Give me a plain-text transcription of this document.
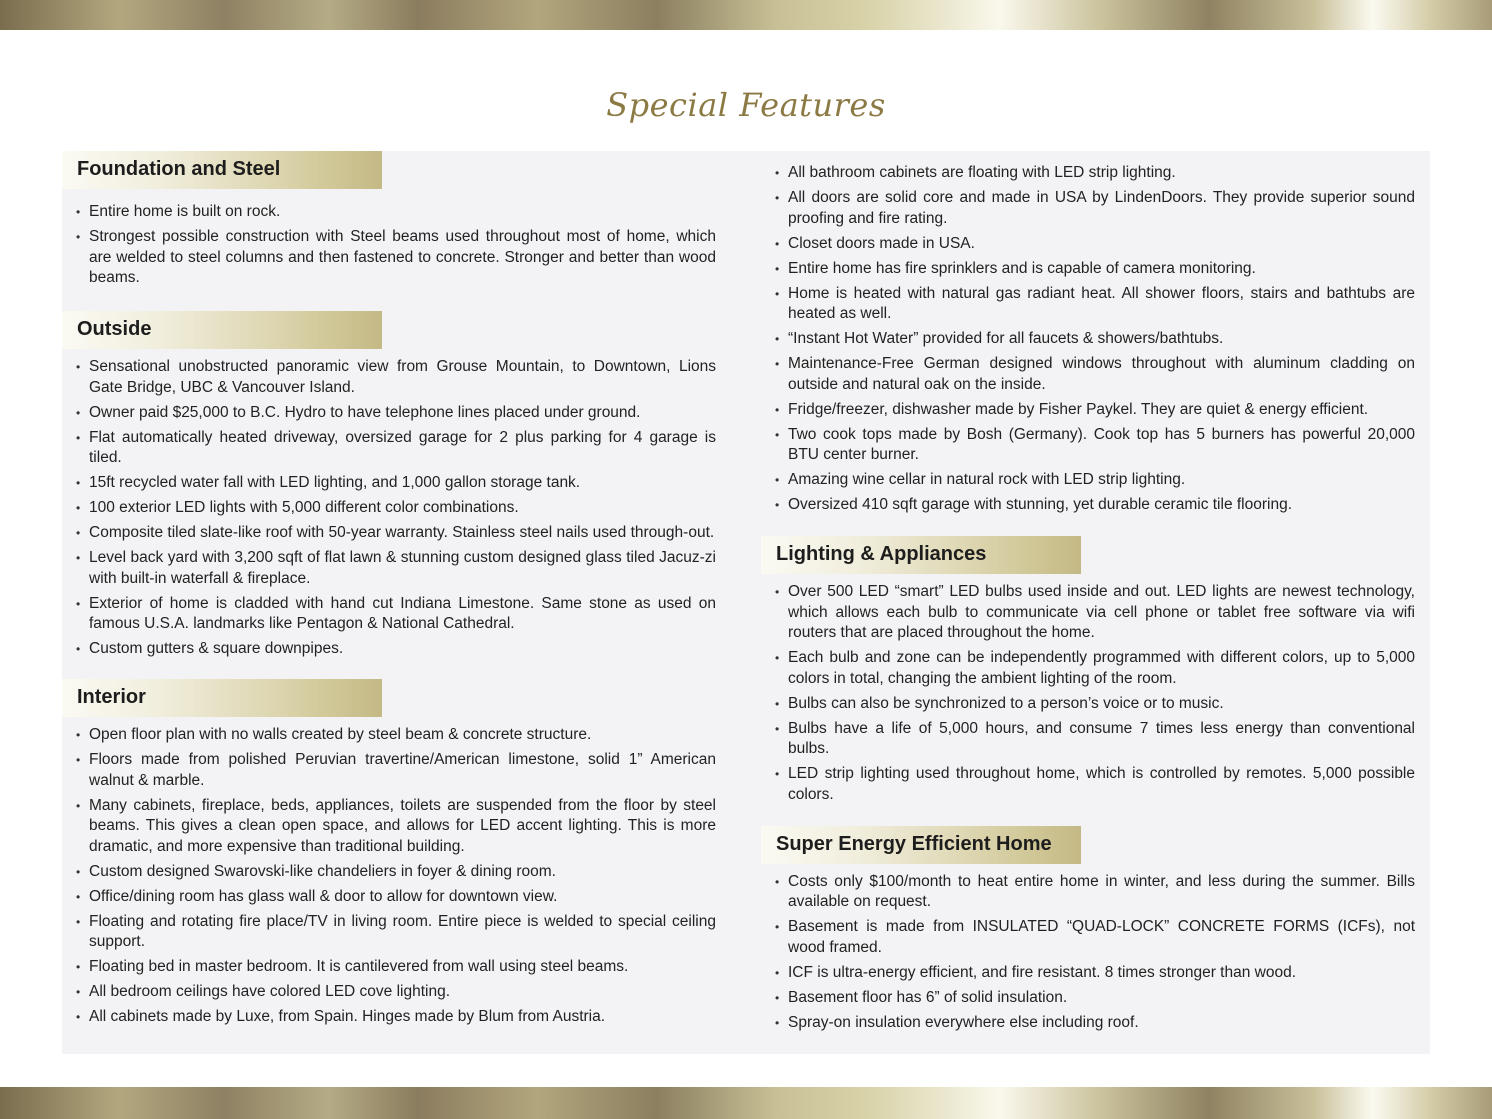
Special Features
Foundation and Steel
• Entire home is built on rock.
• Strongest possible construction with Steel beams used throughout most of home, which are welded to steel columns and then fastened to concrete. Stronger and better than wood beams.
Outside
• Sensational unobstructed panoramic view from Grouse Mountain, to Downtown, Lions Gate Bridge, UBC & Vancouver Island.
• Owner paid $25,000 to B.C. Hydro to have telephone lines placed under ground.
• Flat automatically heated driveway, oversized garage for 2 plus parking for 4 garage is tiled.
• 15ft recycled water fall with LED lighting, and 1,000 gallon storage tank.
• 100 exterior LED lights with 5,000 different color combinations.
• Composite tiled slate-like roof with 50-year warranty. Stainless steel nails used through-out.
• Level back yard with 3,200 sqft of flat lawn & stunning custom designed glass tiled Jacuz-zi with built-in waterfall & fireplace.
• Exterior of home is cladded with hand cut Indiana Limestone. Same stone as used on famous U.S.A. landmarks like Pentagon & National Cathedral.
• Custom gutters & square downpipes.
Interior
• Open floor plan with no walls created by steel beam & concrete structure.
• Floors made from polished Peruvian travertine/American limestone, solid 1” American walnut & marble.
• Many cabinets, fireplace, beds, appliances, toilets are suspended from the floor by steel beams. This gives a clean open space, and allows for LED accent lighting. This is more dramatic, and more expensive than traditional building.
• Custom designed Swarovski-like chandeliers in foyer & dining room.
• Office/dining room has glass wall & door to allow for downtown view.
• Floating and rotating fire place/TV in living room. Entire piece is welded to special ceiling support.
• Floating bed in master bedroom. It is cantilevered from wall using steel beams.
• All bedroom ceilings have colored LED cove lighting.
• All cabinets made by Luxe, from Spain. Hinges made by Blum from Austria.
• All bathroom cabinets are floating with LED strip lighting.
• All doors are solid core and made in USA by LindenDoors. They provide superior sound proofing and fire rating.
• Closet doors made in USA.
• Entire home has fire sprinklers and is capable of camera monitoring.
• Home is heated with natural gas radiant heat. All shower floors, stairs and bathtubs are heated as well.
• “Instant Hot Water” provided for all faucets & showers/bathtubs.
• Maintenance-Free German designed windows throughout with aluminum cladding on outside and natural oak on the inside.
• Fridge/freezer, dishwasher made by Fisher Paykel. They are quiet & energy efficient.
• Two cook tops made by Bosh (Germany). Cook top has 5 burners has powerful 20,000 BTU center burner.
• Amazing wine cellar in natural rock with LED strip lighting.
• Oversized 410 sqft garage with stunning, yet durable ceramic tile flooring.
Lighting & Appliances
• Over 500 LED “smart” LED bulbs used inside and out. LED lights are newest technology, which allows each bulb to communicate via cell phone or tablet free software via wifi routers that are placed throughout the home.
• Each bulb and zone can be independently programmed with different colors, up to 5,000 colors in total, changing the ambient lighting of the room.
• Bulbs can also be synchronized to a person’s voice or to music.
• Bulbs have a life of 5,000 hours, and consume 7 times less energy than conventional bulbs.
• LED strip lighting used throughout home, which is controlled by remotes. 5,000 possible colors.
Super Energy Efficient Home
• Costs only $100/month to heat entire home in winter, and less during the summer. Bills available on request.
• Basement is made from INSULATED “QUAD-LOCK” CONCRETE FORMS (ICFs), not wood framed.
• ICF is ultra-energy efficient, and fire resistant. 8 times stronger than wood.
• Basement floor has 6” of solid insulation.
• Spray-on insulation everywhere else including roof.
